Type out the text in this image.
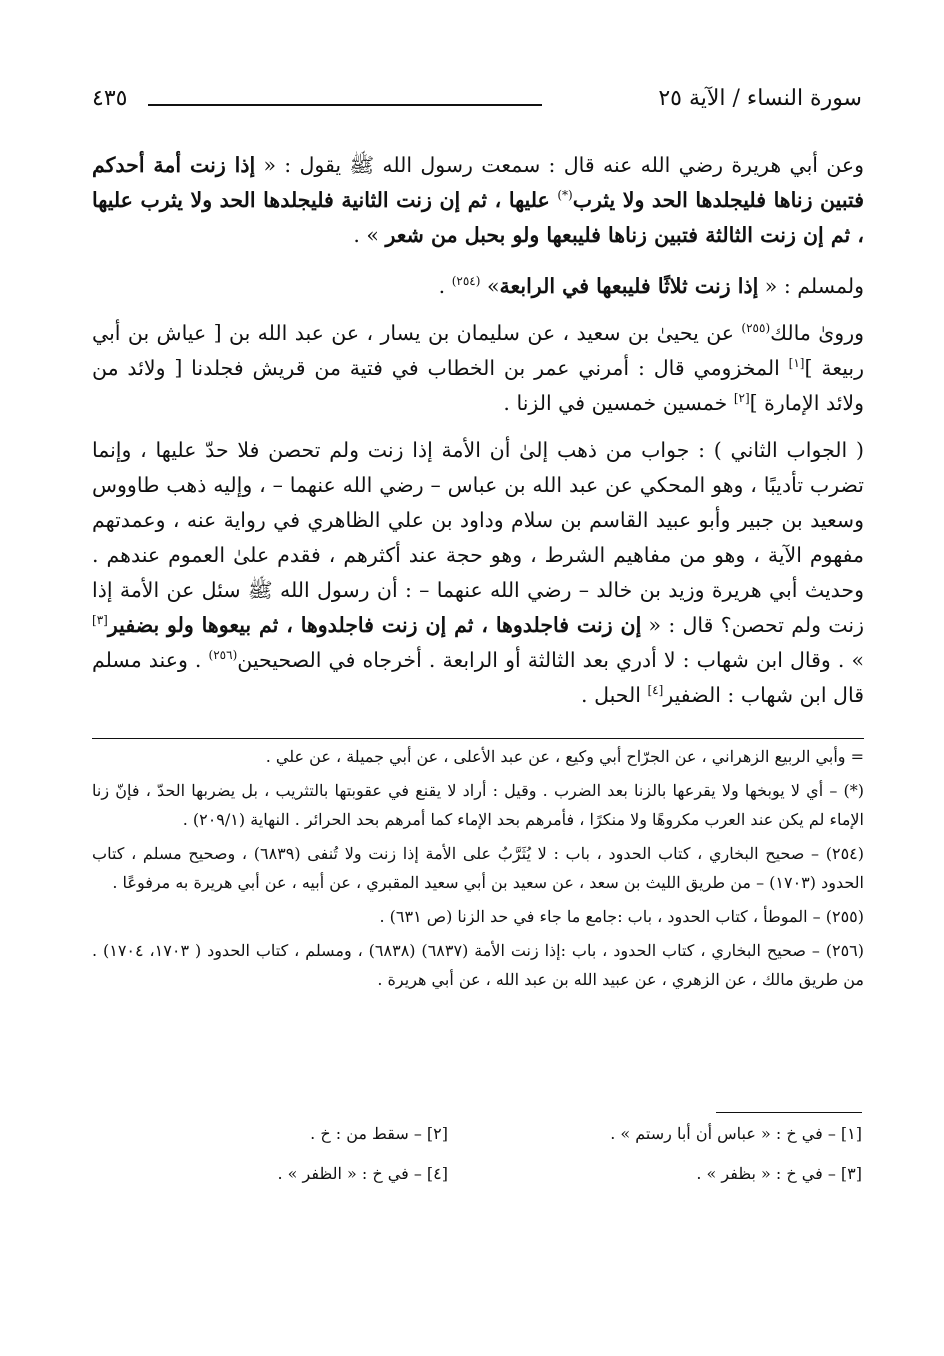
سورة النساء / الآية ٢٥
٤٣٥

وعن أبي هريرة رضي الله عنه قال : سمعت رسول الله ﷺ يقول : « إذا زنت أمة أحدكم فتبين زناها فليجلدها الحد ولا يثرب(*) عليها ، ثم إن زنت الثانية فليجلدها الحد ولا يثرب عليها ، ثم إن زنت الثالثة فتبين زناها فليبعها ولو بحبل من شعر » .

ولمسلم : « إذا زنت ثلاثًا فليبعها في الرابعة» $^{(٢٥٤)}$ .

وروىٰ مالك$^{(٢٥٥)}$ عن يحيىٰ بن سعيد ، عن سليمان بن يسار ، عن عبد الله بن [ عياش بن أبي ربيعة ][١] المخزومي قال : أمرني عمر بن الخطاب في فتية من قريش فجلدنا [ ولائد من ولائد الإمارة ][٢] خمسين خمسين في الزنا .

( الجواب الثاني ) : جواب من ذهب إلىٰ أن الأمة إذا زنت ولم تحصن فلا حدّ عليها ، وإنما تضرب تأديبًا ، وهو المحكي عن عبد الله بن عباس – رضي الله عنهما – ، وإليه ذهب طاووس وسعيد بن جبير وأبو عبيد القاسم بن سلام وداود بن علي الظاهري في رواية عنه ، وعمدتهم مفهوم الآية ، وهو من مفاهيم الشرط ، وهو حجة عند أكثرهم ، فقدم علىٰ العموم عندهم . وحديث أبي هريرة وزيد بن خالد – رضي الله عنهما – : أن رسول الله ﷺ سئل عن الأمة إذا زنت ولم تحصن؟ قال : « إن زنت فاجلدوها ، ثم إن زنت فاجلدوها ، ثم بيعوها ولو بضفير[٣] » . وقال ابن شهاب : لا أدري بعد الثالثة أو الرابعة . أخرجاه في الصحيحين$^{(٢٥٦)}$ . وعند مسلم قال ابن شهاب : الضفير[٤] الحبل .

= وأبي الربيع الزهراني ، عن الجرّاح أبي وكيع ، عن عبد الأعلى ، عن أبي جميلة ، عن علي .

(*) – أي لا يوبخها ولا يقرعها بالزنا بعد الضرب . وقيل : أراد لا يقنع في عقوبتها بالتثريب ، بل يضربها الحدّ ، فإنّ زنا الإماء لم يكن عند العرب مكروهًا ولا منكرًا ، فأمرهم بحد الإماء كما أمرهم بحد الحرائر . النهاية (٢٠٩/١) .

(٢٥٤) – صحيح البخاري ، كتاب الحدود ، باب : لا يُثَرَّبُ على الأمة إذا زنت ولا تُنفى (٦٨٣٩) ، وصحيح مسلم ، كتاب الحدود (١٧٠٣) – من طريق الليث بن سعد ، عن سعيد بن أبي سعيد المقبري ، عن أبيه ، عن أبي هريرة به مرفوعًا .

(٢٥٥) – الموطأ ، كتاب الحدود ، باب :جامع ما جاء في حد الزنا (ص ٦٣١) .

(٢٥٦) – صحيح البخاري ، كتاب الحدود ، باب :إذا زنت الأمة (٦٨٣٧) (٦٨٣٨) ، ومسلم ، كتاب الحدود ( ١٧٠٣، ١٧٠٤) . من طريق مالك ، عن الزهري ، عن عبيد الله بن عبد الله ، عن أبي هريرة .

[١] – في خ : « عباس أن أبا رستم » .
[٢] – سقط من : خ .
[٣] – في خ : « بظفر » .
[٤] – في خ : « الظفر » .
